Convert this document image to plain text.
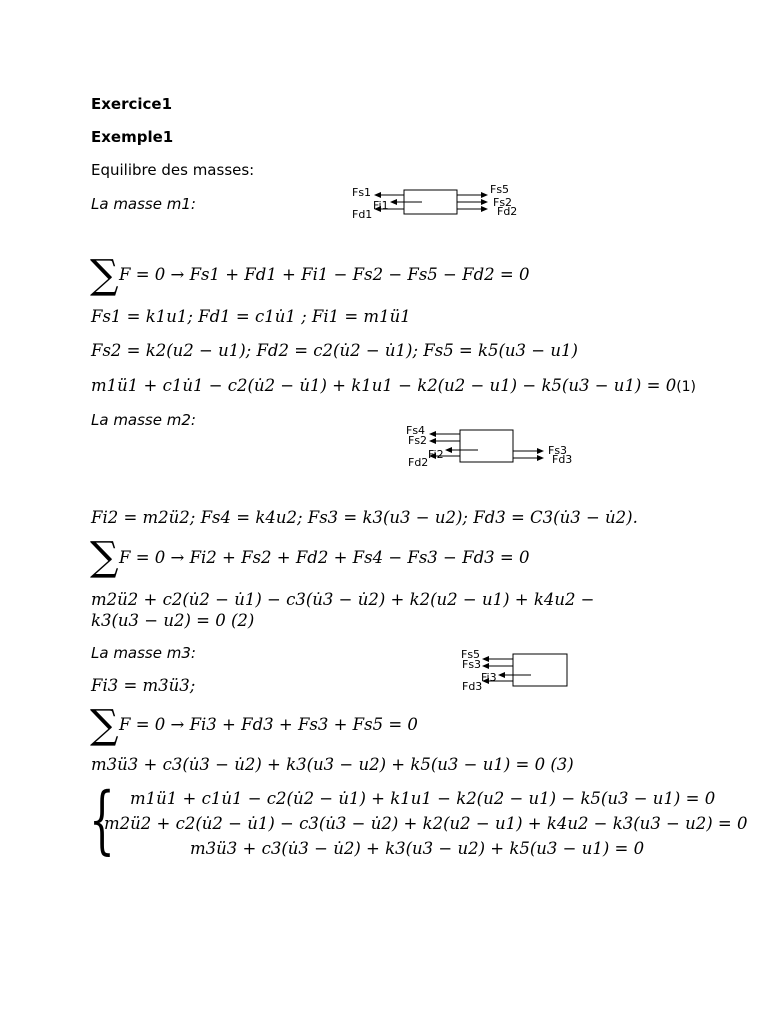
Exercice1
Exemple1
Equilibre des masses:
La masse m1:
Fs1
Fi1
Fd1
Fs5
Fs2
Fd2
∑ F = 0 → Fs1 + Fd1 + Fi1 − Fs2 − Fs5 − Fd2 = 0
Fs1 = k1u1; Fd1 = c1u̇1 ; Fi1 = m1ü1
Fs2 = k2(u2 − u1); Fd2 = c2(u̇2 − u̇1); Fs5 = k5(u3 − u1)
m1ü1 + c1u̇1 − c2(u̇2 − u̇1) + k1u1 − k2(u2 − u1) − k5(u3 − u1) = 0(1)
La masse m2:
Fs4
Fs2
Fi2
Fd2
Fs3
Fd3
Fi2 = m2ü2; Fs4 = k4u2; Fs3 = k3(u3 − u2); Fd3 = C3(u̇3 − u̇2).
∑ F = 0 → Fi2 + Fs2 + Fd2 + Fs4 − Fs3 − Fd3 = 0
m2ü2 + c2(u̇2 − u̇1) − c3(u̇3 − u̇2) + k2(u2 − u1) + k4u2 −
k3(u3 − u2) = 0 (2)
La masse m3:	Fs5
Fs3
Fi3
Fd3
Fi3 = m3ü3;
∑ F = 0 → Fi3 + Fd3 + Fs3 + Fs5 = 0
m3ü3 + c3(u̇3 − u̇2) + k3(u3 − u2) + k5(u3 − u1) = 0 (3)
{ m1ü1 + c1u̇1 − c2(u̇2 − u̇1) + k1u1 − k2(u2 − u1) − k5(u3 − u1) = 0
m2ü2 + c2(u̇2 − u̇1) − c3(u̇3 − u̇2) + k2(u2 − u1) + k4u2 − k3(u3 − u2) = 0
m3ü3 + c3(u̇3 − u̇2) + k3(u3 − u2) + k5(u3 − u1) = 0
